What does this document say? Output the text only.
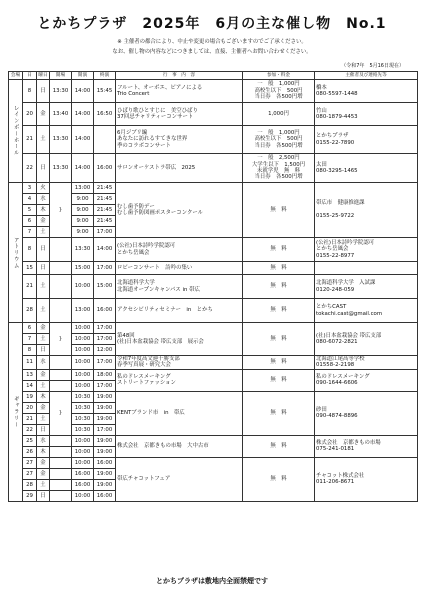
とかちプラザ　2025年　6月の主な催し物　No.1
※ 主催者の都合により、中止や変更の場合もございますのでご了承ください。
なお、催し物の内容などにつきましては、直接、主催者へお問い合わせください。
（令和7年　5月16日現在）
会場	日	曜日	開場	開演	終演	行　事　内　容	参加・料金	主催者及び連絡先等
レインボーホール	8	日	13:30	14:00	15:45	フルート、オーボエ、ピアノによる
Trio Concert	一　般　1,000円
高校生以下　500円
当日券　各500円増	橋本
080-5597-1448
	20	金	13:40	14:00	16:50	ひばり歌ひとすじに　美空ひばり
37回忌チャリティーコンサート	1,000円	竹山
080-1879-4453
	21	土	13:30	14:00		6月ジブリ編
あなたに訪れるすてきな世界
季のコラボコンサート	一　般　1,000円
高校生以下　500円
当日券　各500円増	とかちプラザ
0155-22-7890
	22	日	13:30	14:00	16:00	サロンオーケストラ帯広　2025	一　般　2,500円
大学生以下　1,500円
未就学児　無　料
当日券　各500円増	太田
080-3295-1465
アトリウム	3	火	}	13:00	21:45	むし歯予防デー
むし歯予防図画ポスターコンクール	無　料	帯広市　健康推進課

0155-25-9722
	4	水		9:00	21:45			
	5	木		9:00	21:45			
	6	金		9:00	21:45			
	7	土		9:00	17:00			
	8	日		13:30	14:00	(公社)日本詩吟学院認可
とかち岳風会	無　料	(公社)日本詩吟学院認可
とかち岳風会
0155-22-8977
	15	日		15:00	17:00	ロビーコンサート　詩吟の集い	無　料	
	21	土		10:00	15:00	北海道科学大学
北海道オープンキャンパス in 帯広	無　料	北海道科学大学　入試課
0120-248-059
	28	土		13:00	16:00	アクセシビリティセミナー　in　とかち	無　料	とかちCAST
tokachi.cast@gmail.com
ギャラリー	6	金	}	10:00	17:00	第48回
(社)日本盆栽協会 帯広支部　展示会	無　料	(社)日本盆栽協会 帯広支部
080-6072-2821
	7	土		10:00	17:00			
	8	日		10:00	12:00			
	11	水		10:00	17:00	令和7年度高文連十勝支部
春季写真展・研究大会	無　料	北海道江尾高等学校
01558-2-2198
	13	金		10:00	18:00	私のドレスメーキング
ストリートファッション	無　料	私のドレスメーキング
090-1644-6606
	14	土		10:00	17:00			
	19	木	}	10:30	19:00	KENTブランド市　in　帯広	無　料	砂田
090-4874-8896
	20	金		10:30	19:00			
	21	土		10:30	19:00			
	22	日		10:30	17:00			
	25	水		10:00	19:00	株式会社　京都きもの市場　大中古市	無　料	株式会社　京都きもの市場
075-241-0181
	26	木		10:00	19:00			
	27	金		10:00	16:00	帯広チャコットフェア	無　料	チャコット株式会社
011-206-8671
	27	金		16:00	19:00			
	28	土		16:00	19:00			
	29	日		10:00	16:00			
とかちプラザは敷地内全面禁煙です
